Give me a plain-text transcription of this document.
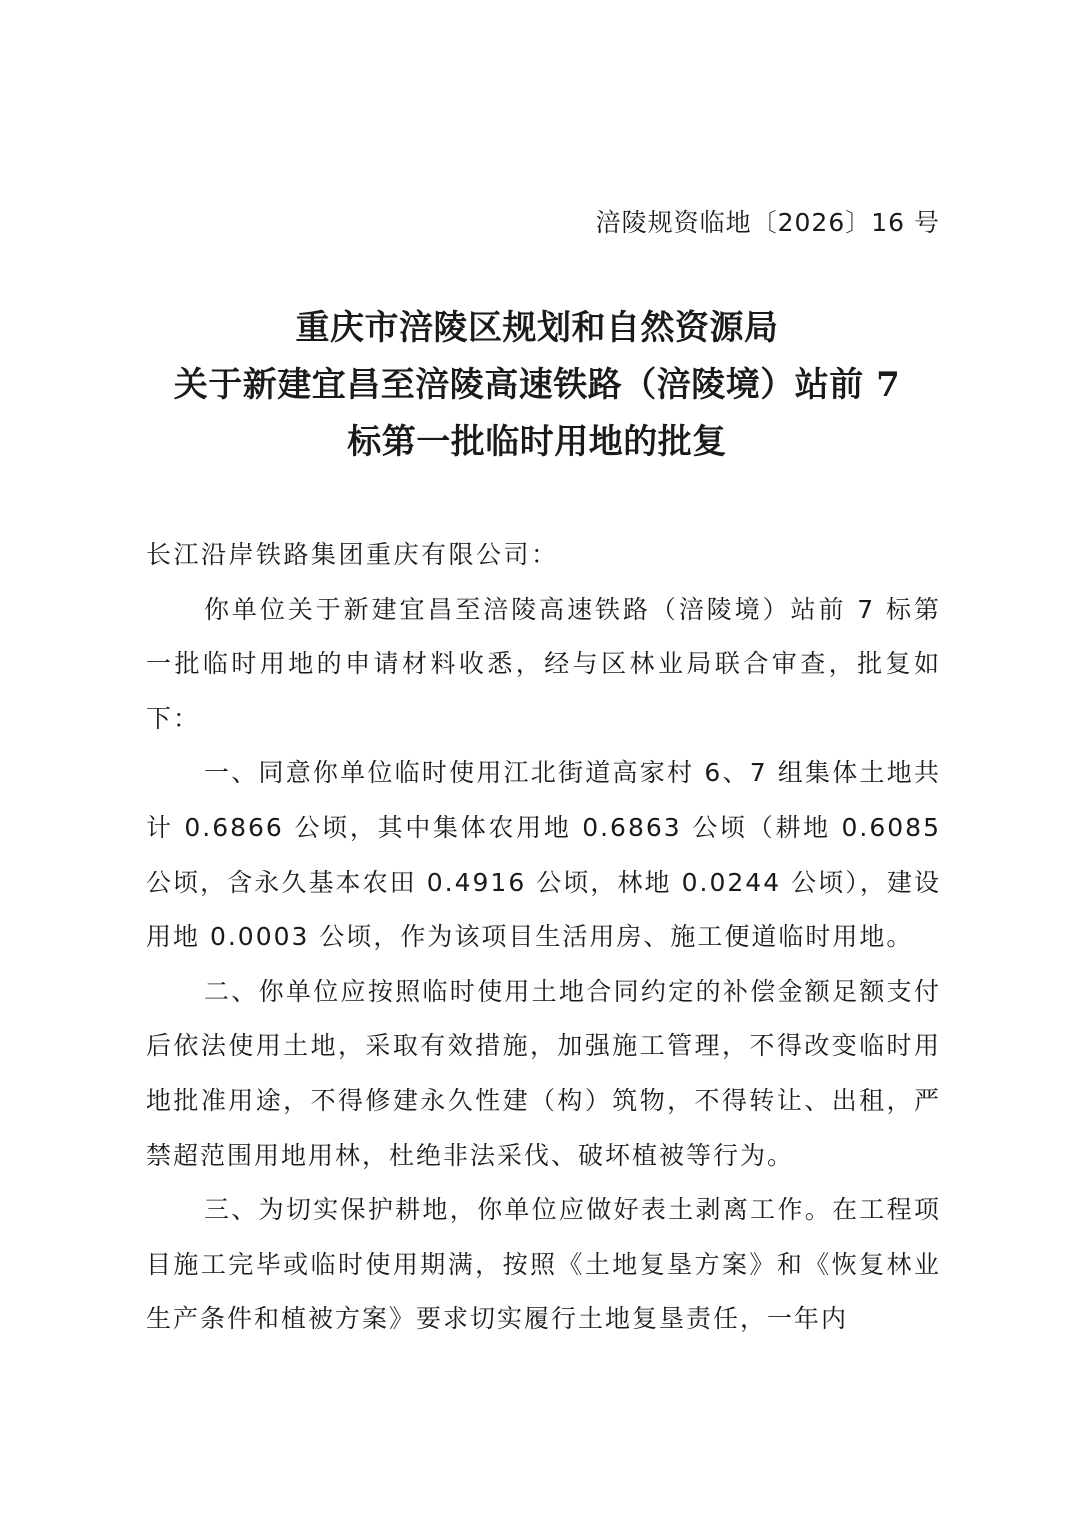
涪陵规资临地〔2026〕16 号
重庆市涪陵区规划和自然资源局
关于新建宜昌至涪陵高速铁路（涪陵境）站前 7
标第一批临时用地的批复

长江沿岸铁路集团重庆有限公司：

你单位关于新建宜昌至涪陵高速铁路（涪陵境）站前 7 标第一批临时用地的申请材料收悉，经与区林业局联合审查，批复如下：

一、同意你单位临时使用江北街道高家村 6、7 组集体土地共计 0.6866 公顷，其中集体农用地 0.6863 公顷（耕地 0.6085 公顷，含永久基本农田 0.4916 公顷，林地 0.0244 公顷），建设用地 0.0003 公顷，作为该项目生活用房、施工便道临时用地。

二、你单位应按照临时使用土地合同约定的补偿金额足额支付后依法使用土地，采取有效措施，加强施工管理，不得改变临时用地批准用途，不得修建永久性建（构）筑物，不得转让、出租，严禁超范围用地用林，杜绝非法采伐、破坏植被等行为。

三、为切实保护耕地，你单位应做好表土剥离工作。在工程项目施工完毕或临时使用期满，按照《土地复垦方案》和《恢复林业生产条件和植被方案》要求切实履行土地复垦责任，一年内
